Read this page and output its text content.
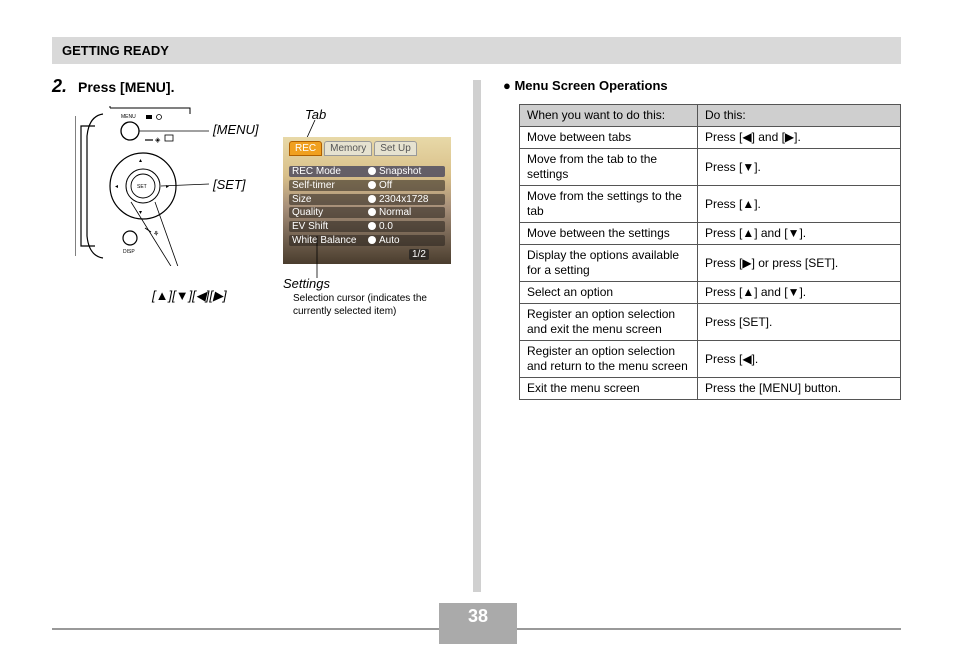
GETTING READY
2. Press [MENU].
MENU
◈
SET
▴
▾
◂	▸
⚘
DISP
[MENU]
[SET]
[▲][▼][◀][▶]
Tab
REC	Memory	Set Up
REC Mode	Snapshot
Self-timer	Off
Size	2304x1728
Quality	Normal
EV Shift	0.0
White Balance Auto
1/2
Settings
Selection cursor (indicates the currently selected item)
● Menu Screen Operations
When you want to do this:	Do this:
Move between tabs	Press [◀] and [▶].
Move from the tab to the settings	Press [▼].
Move from the settings to the tab	Press [▲].
Move between the settings	Press [▲] and [▼].
Display the options available for a setting	Press [▶] or press [SET].
Select an option	Press [▲] and [▼].
Register an option selection and exit the menu screen	Press [SET].
Register an option selection and return to the menu screen	Press [◀].
Exit the menu screen	Press the [MENU] button.
38
